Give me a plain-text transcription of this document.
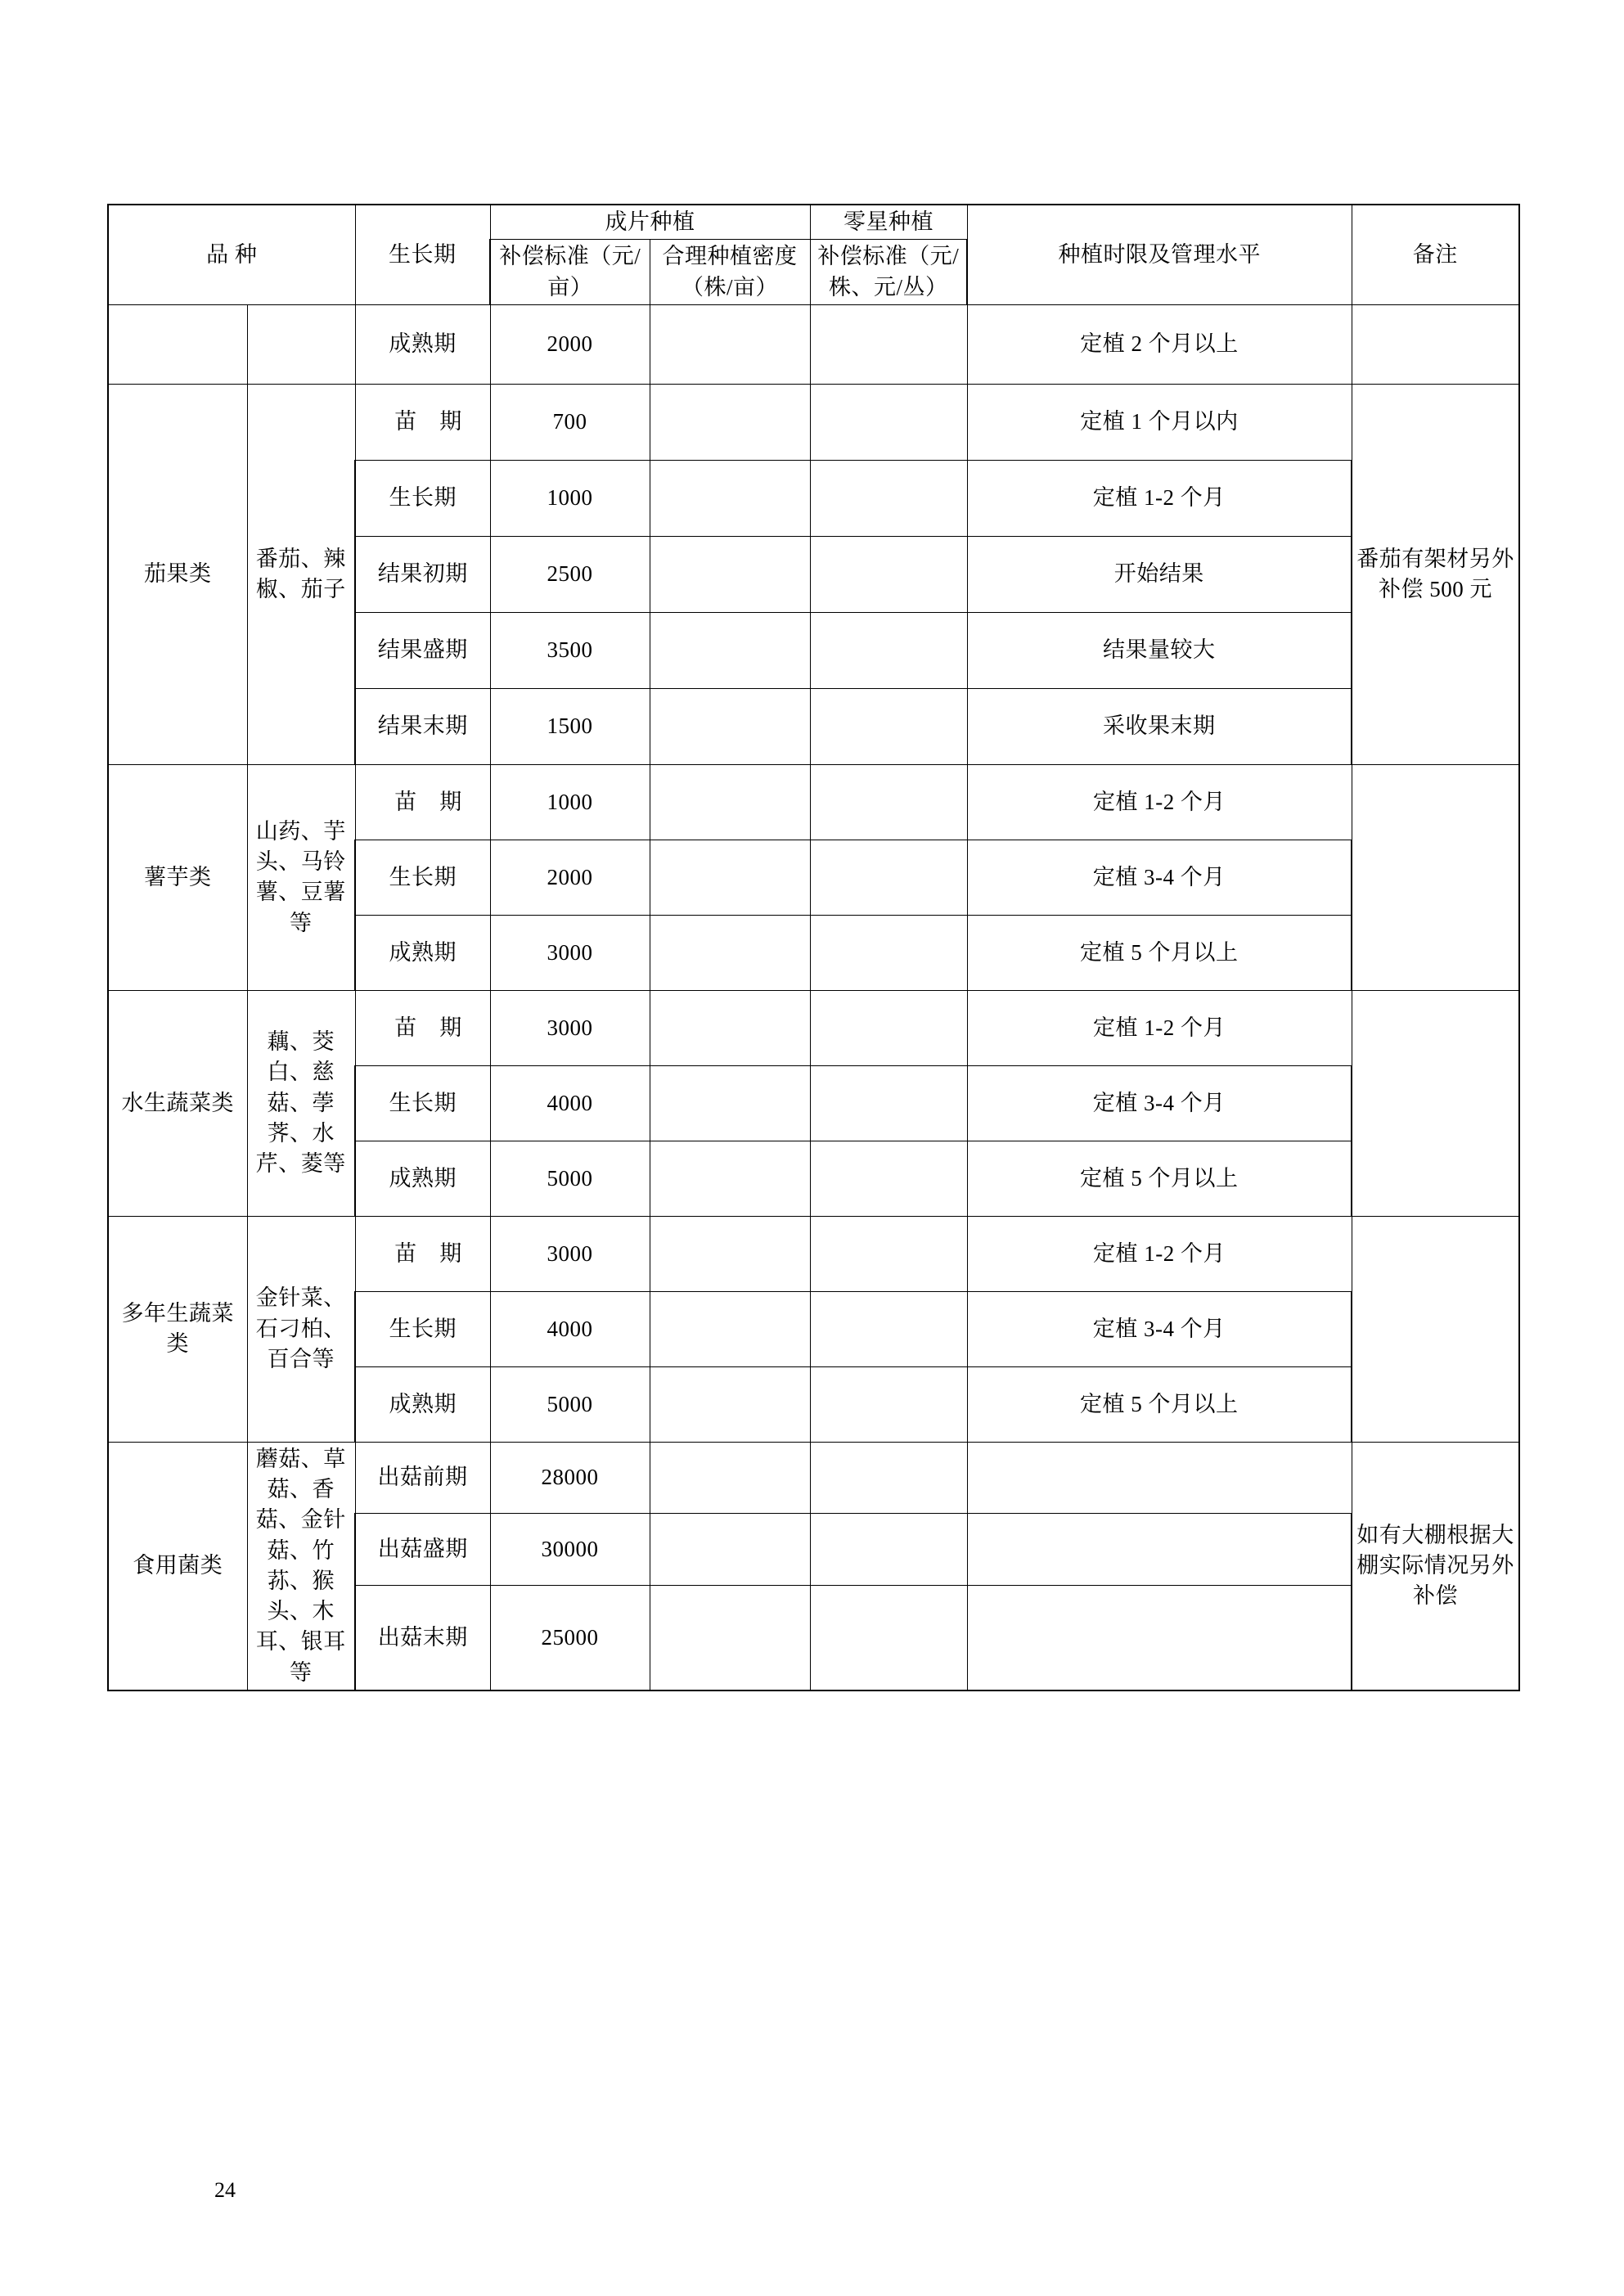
品 种		生长期	成片种植		零星种植	种植时限及管理水平	备注
			补偿标准（元/亩）	合理种植密度（株/亩）	补偿标准（元/株、元/丛）		
		成熟期	2000			定植 2 个月以上	
茄果类	番茄、辣椒、茄子	苗　期	700			定植 1 个月以内	番茄有架材另外补偿 500 元
		生长期	1000			定植 1-2 个月	
		结果初期	2500			开始结果	
		结果盛期	3500			结果量较大	
		结果末期	1500			采收果末期	
薯芋类	山药、芋头、马铃薯、豆薯等	苗　期	1000			定植 1-2 个月	
		生长期	2000			定植 3-4 个月	
		成熟期	3000			定植 5 个月以上	
水生蔬菜类	藕、茭白、慈菇、荸荠、水芹、菱等	苗　期	3000			定植 1-2 个月	
		生长期	4000			定植 3-4 个月	
		成熟期	5000			定植 5 个月以上	
多年生蔬菜类	金针菜、石刁柏、百合等	苗　期	3000			定植 1-2 个月	
		生长期	4000			定植 3-4 个月	
		成熟期	5000			定植 5 个月以上	
食用菌类	蘑菇、草菇、香菇、金针菇、竹荪、猴头、木耳、银耳等	出菇前期	28000				如有大棚根据大棚实际情况另外补偿
		出菇盛期	30000				
		出菇末期	25000				
24
